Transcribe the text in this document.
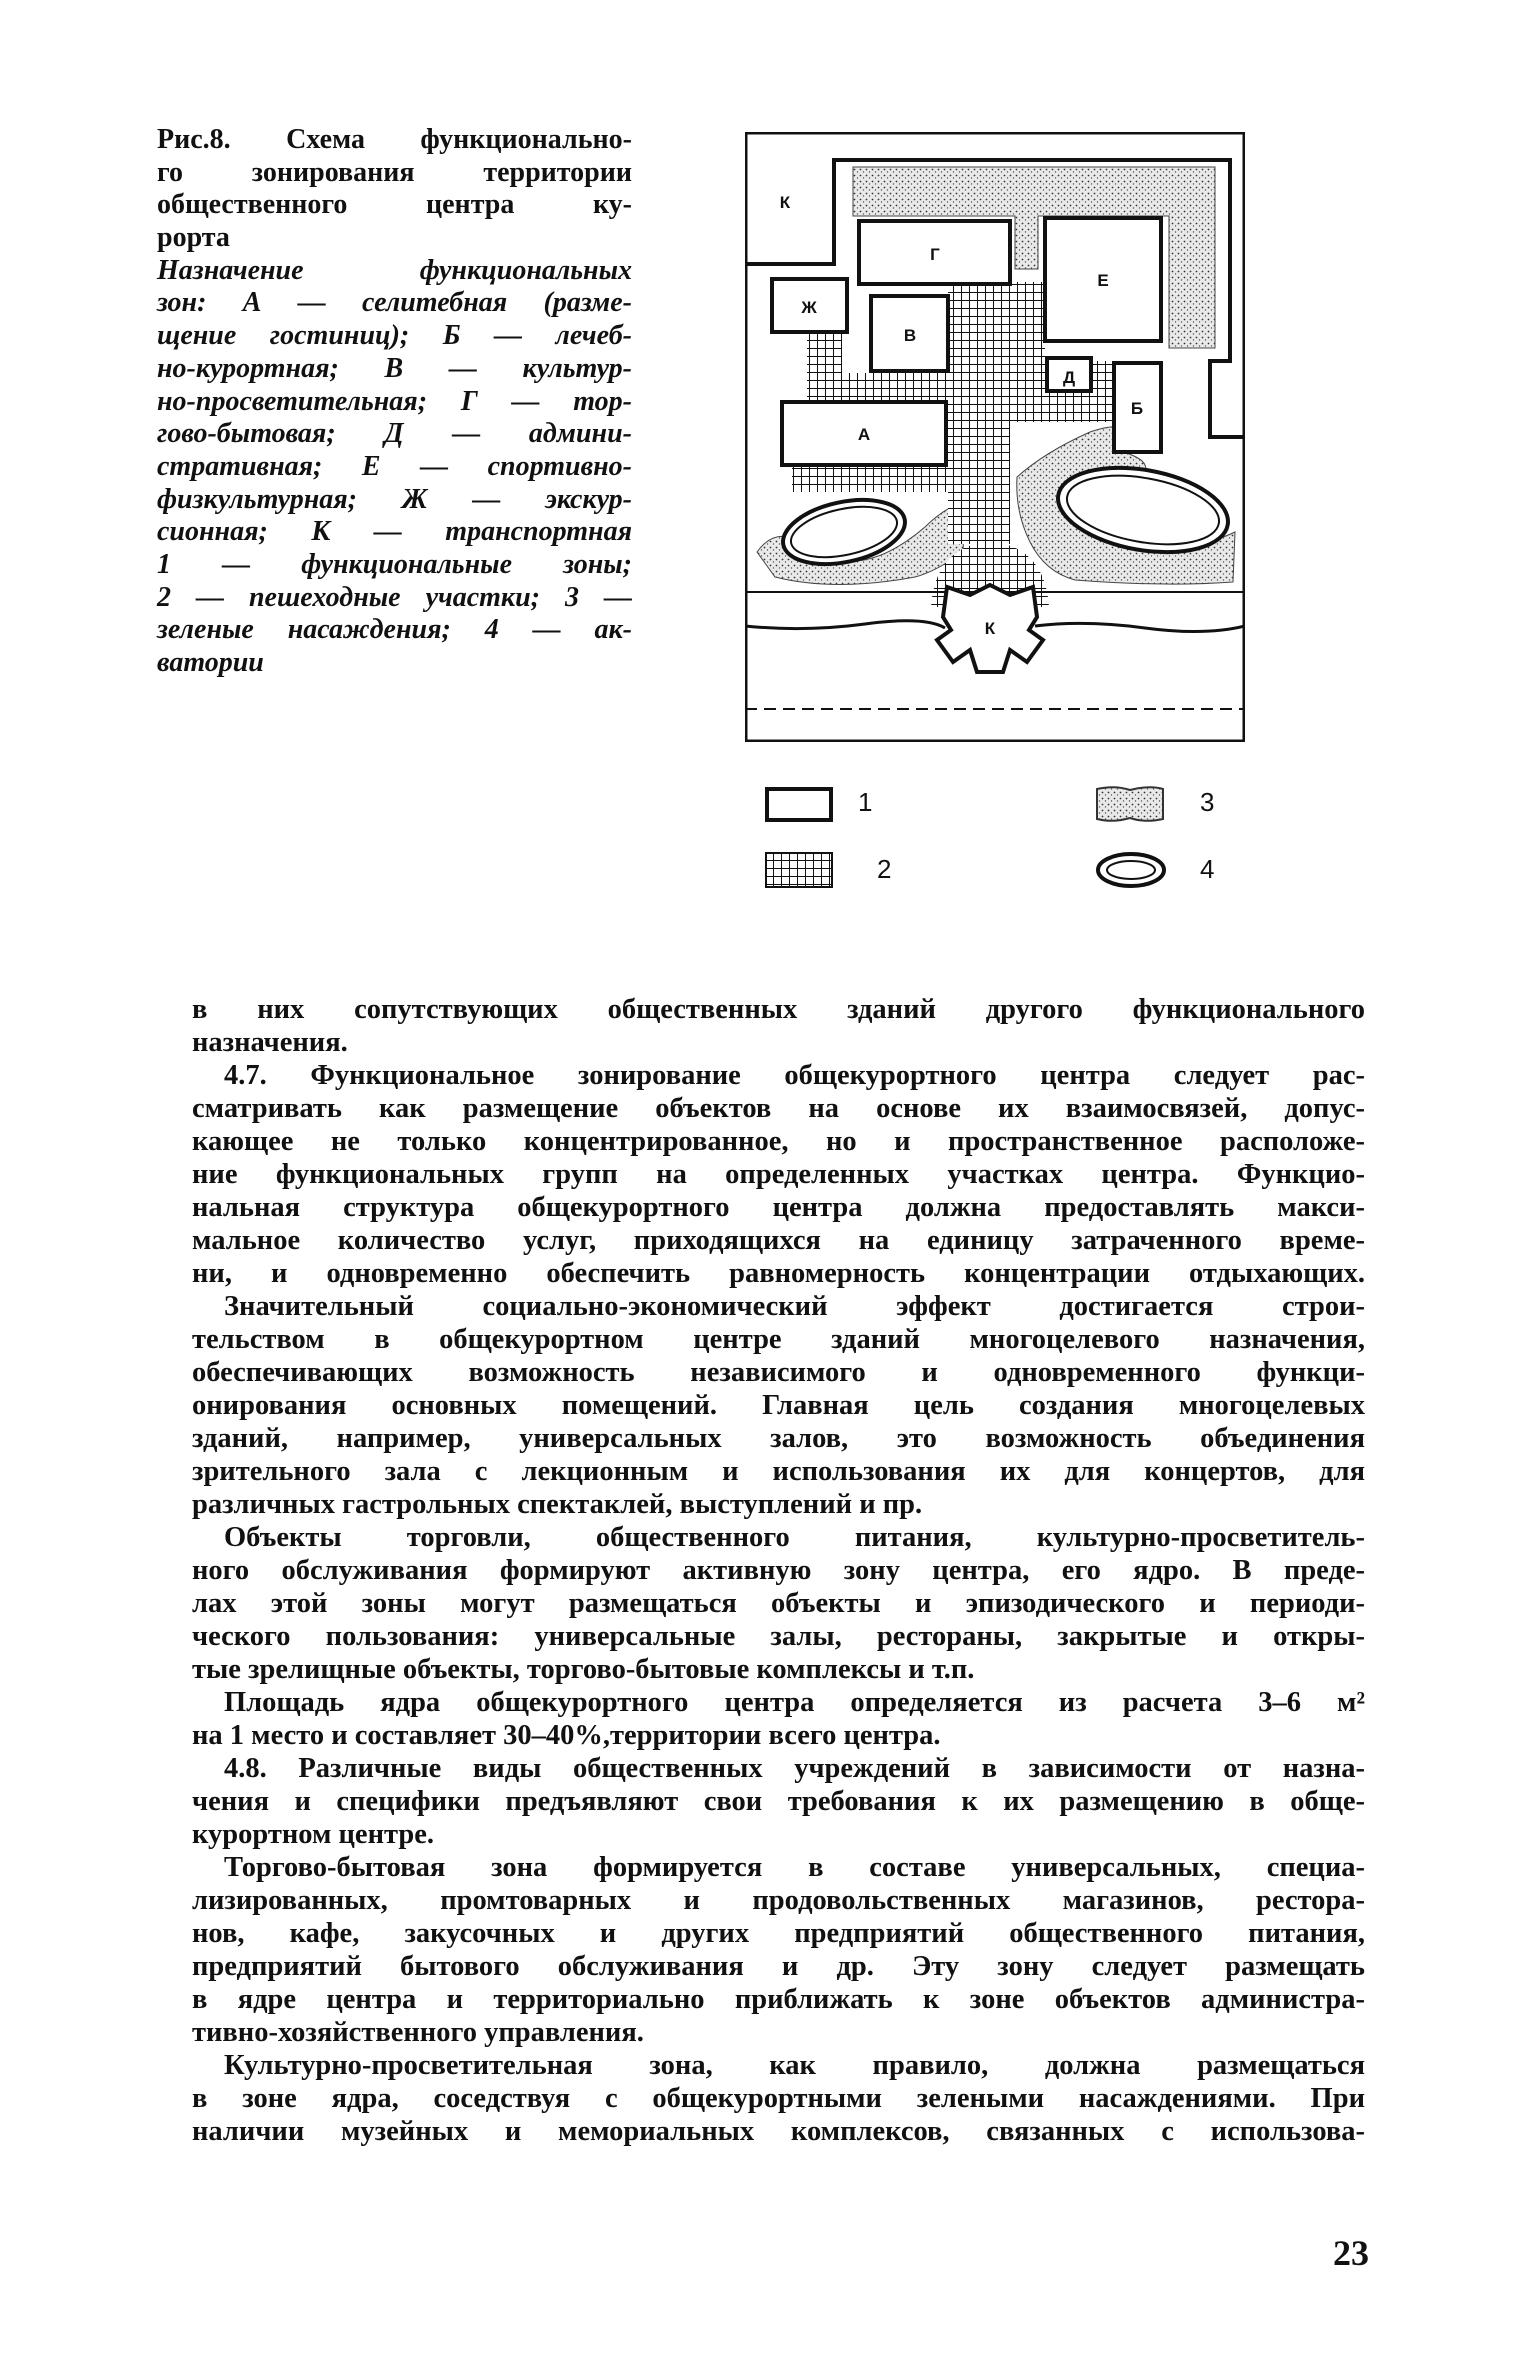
Рис.8. Схема функционально-
го зонирования территории
общественного центра ку-
рорта
Назначение функциональных
зон: А — селитебная (разме-
щение гостиниц); Б — лечеб-
но-курортная; В — культур-
но-просветительная; Г — тор-
гово-бытовая; Д — админи-
стративная; Е — спортивно-
физкультурная; Ж — экскур-
сионная; К — транспортная
1 — функциональные зоны;
2 — пешеходные участки; 3 —
зеленые насаждения; 4 — ак-
ватории
К
Г
Е
Ж
В
Д
Б
А
К
1
2
3
4
в них сопутствующих общественных зданий другого функционального
назначения.
4.7. Функциональное зонирование общекурортного центра следует рас-
сматривать как размещение объектов на основе их взаимосвязей, допус-
кающее не только концентрированное, но и пространственное расположе-
ние функциональных групп на определенных участках центра. Функцио-
нальная структура общекурортного центра должна предоставлять макси-
мальное количество услуг, приходящихся на единицу затраченного време-
ни, и одновременно обеспечить равномерность концентрации отдыхающих.
Значительный социально-экономический эффект достигается строи-
тельством в общекурортном центре зданий многоцелевого назначения,
обеспечивающих возможность независимого и одновременного функци-
онирования основных помещений. Главная цель создания многоцелевых
зданий, например, универсальных залов, это возможность объединения
зрительного зала с лекционным и использования их для концертов, для
различных гастрольных спектаклей, выступлений и пр.
Объекты торговли, общественного питания, культурно-просветитель-
ного обслуживания формируют активную зону центра, его ядро. В преде-
лах этой зоны могут размещаться объекты и эпизодического и периоди-
ческого пользования: универсальные залы, рестораны, закрытые и откры-
тые зрелищные объекты, торгово-бытовые комплексы и т.п.
Площадь ядра общекурортного центра определяется из расчета 3–6 м²
на 1 место и составляет 30–40%,территории всего центра.
4.8. Различные виды общественных учреждений в зависимости от назна-
чения и специфики предъявляют свои требования к их размещению в обще-
курортном центре.
Торгово-бытовая зона формируется в составе универсальных, специа-
лизированных, промтоварных и продовольственных магазинов, рестора-
нов, кафе, закусочных и других предприятий общественного питания,
предприятий бытового обслуживания и др. Эту зону следует размещать
в ядре центра и территориально приближать к зоне объектов администра-
тивно-хозяйственного управления.
Культурно-просветительная зона, как правило, должна размещаться
в зоне ядра, соседствуя с общекурортными зелеными насаждениями. При
наличии музейных и мемориальных комплексов, связанных с использова-
23
